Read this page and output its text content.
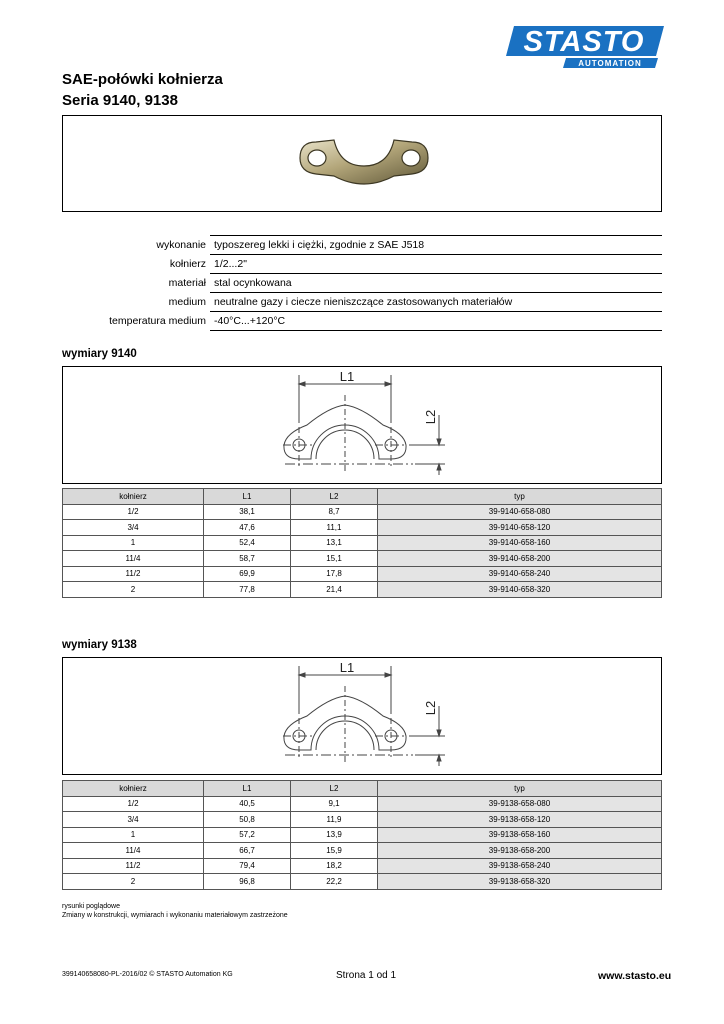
STASTO
AUTOMATION
SAE-połówki kołnierza
Seria 9140, 9138
wykonanie	typoszereg lekki i ciężki, zgodnie z SAE J518
kołnierz	1/2...2"
materiał	stal ocynkowana
medium	neutralne gazy i ciecze nieniszczące zastosowanych materiałów
temperatura medium	-40°C...+120°C
wymiary 9140
L1
L2
kołnierz	L1	L2	typ
1/2	38,1	8,7	39-9140-658-080
3/4	47,6	11,1	39-9140-658-120
1	52,4	13,1	39-9140-658-160
11/4	58,7	15,1	39-9140-658-200
11/2	69,9	17,8	39-9140-658-240
2	77,8	21,4	39-9140-658-320
wymiary 9138
L1
L2
kołnierz	L1	L2	typ
1/2	40,5	9,1	39-9138-658-080
3/4	50,8	11,9	39-9138-658-120
1	57,2	13,9	39-9138-658-160
11/4	66,7	15,9	39-9138-658-200
11/2	79,4	18,2	39-9138-658-240
2	96,8	22,2	39-9138-658-320
rysunki poglądowe
Zmiany w konstrukcji, wymiarach i wykonaniu materiałowym zastrzeżone
399140658080-PL-2016/02 © STASTO Automation KG	Strona 1 od 1	www.stasto.eu
